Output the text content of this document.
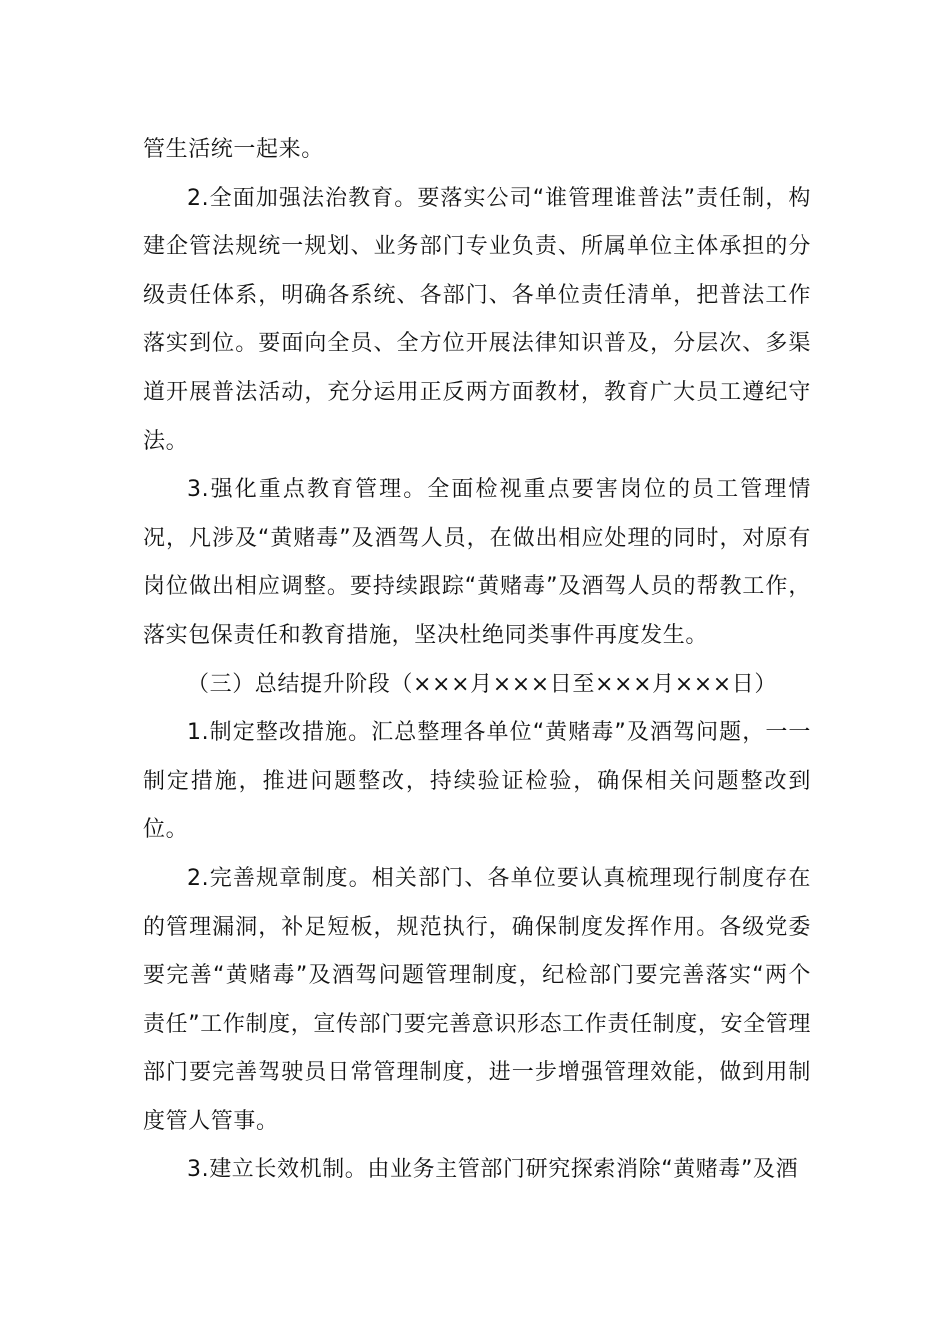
管生活统一起来。

2.全面加强法治教育。要落实公司“谁管理谁普法”责任制，构建企管法规统一规划、业务部门专业负责、所属单位主体承担的分级责任体系，明确各系统、各部门、各单位责任清单，把普法工作落实到位。要面向全员、全方位开展法律知识普及，分层次、多渠道开展普法活动，充分运用正反两方面教材，教育广大员工遵纪守法。

3.强化重点教育管理。全面检视重点要害岗位的员工管理情况，凡涉及“黄赌毒”及酒驾人员，在做出相应处理的同时，对原有岗位做出相应调整。要持续跟踪“黄赌毒”及酒驾人员的帮教工作，落实包保责任和教育措施，坚决杜绝同类事件再度发生。

（三）总结提升阶段（×××月×××日至×××月×××日）

1.制定整改措施。汇总整理各单位“黄赌毒”及酒驾问题，一一制定措施，推进问题整改，持续验证检验，确保相关问题整改到位。

2.完善规章制度。相关部门、各单位要认真梳理现行制度存在的管理漏洞，补足短板，规范执行，确保制度发挥作用。各级党委要完善“黄赌毒”及酒驾问题管理制度，纪检部门要完善落实“两个责任”工作制度，宣传部门要完善意识形态工作责任制度，安全管理部门要完善驾驶员日常管理制度，进一步增强管理效能，做到用制度管人管事。

3.建立长效机制。由业务主管部门研究探索消除“黄赌毒”及酒
